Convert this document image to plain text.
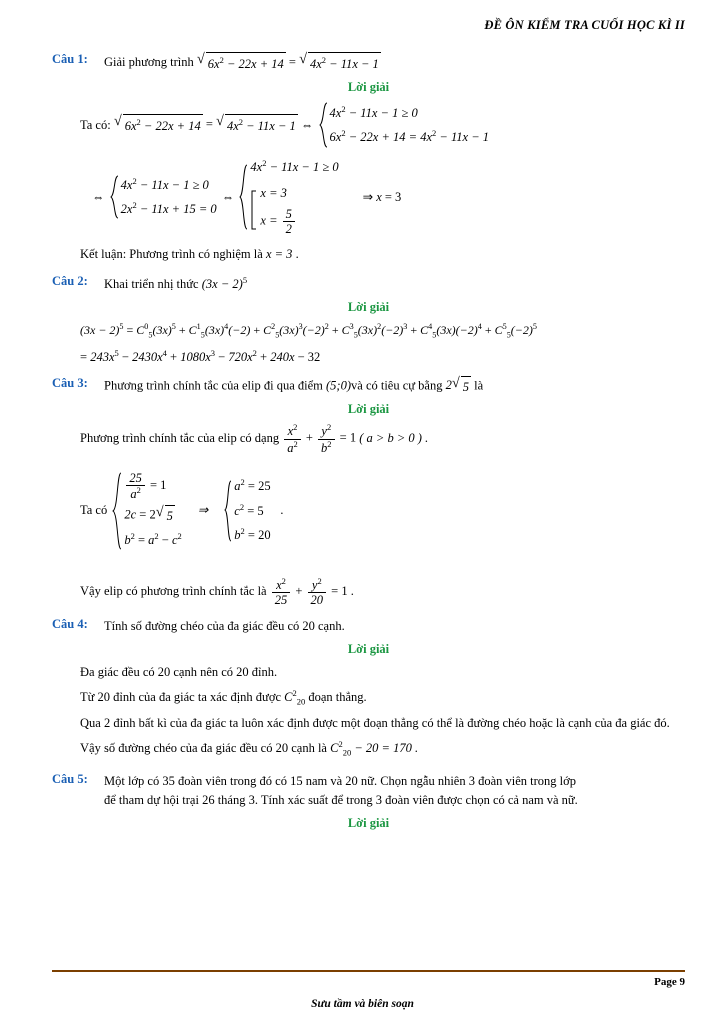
ĐỀ ÔN KIỂM TRA CUỐI HỌC KÌ II
Câu 1:	Giải phương trình √ $6x^2 - 22x + 14$ = √ $4x^2 - 11x - 1$
Lời giải
Ta có:
√ $6x^2 - 22x + 14$ = √ $4x^2 - 11x - 1$ ⇔
$4x^2 - 11x - 1 \ge 0$
$6x^2 - 22x + 14 = 4x^2 - 11x - 1$
⇔
$4x^2 - 11x - 1 \ge 0$
$2x^2 - 11x + 15 = 0$
⇔
$4x^2 - 11x - 1 \ge 0$
x = 3
$x = \frac{5}{2}$
⇒ x = 3
Kết luận: Phương trình có nghiệm là x = 3 .
Câu 2:	Khai triển nhị thức $(3x - 2)^5$
Lời giải
$(3x - 2)^5 = C^0_5(3x)^5 + C^1_5(3x)^4(-2) + C^2_5(3x)^3(-2)^2 + C^3_5(3x)^2(-2)^3 + C^4_5(3x)(-2)^4 + C^5_5(-2)^5$
= $243x^5 - 2430x^4 + 1080x^3 - 720x^2 + 240x - 32$
Câu 3:	Phương trình chính tắc của elip đi qua điểm (5;0)và có tiêu cự bằng 2 √ 5 là
Lời giải
Phương trình chính tắc của elip có dạng
$\frac{x^2}{a^2} + \frac{y^2}{b^2} = 1$
( a > b > 0 ) .
Ta có

$\frac{25}{a^2} = 1$
2c = 2 √ 5
$b^2 = a^2 - c^2$
⇒
$a^2 = 25$
$c^2 = 5$
$b^2 = 20$
.
Vậy elip có phương trình chính tắc là
$\frac{x^2}{25} + \frac{y^2}{20} = 1$ .
Câu 4:	Tính số đường chéo của đa giác đều có 20 cạnh.
Lời giải
Đa giác đều có 20 cạnh nên có 20 đỉnh.
Từ 20 đỉnh của đa giác ta xác định được $C^2_{20}$ đoạn thẳng.
Qua 2 đỉnh bất kì của đa giác ta luôn xác định được một đoạn thẳng có thể là đường chéo hoặc là cạnh của đa giác đó.
Vậy số đường chéo của đa giác đều có 20 cạnh là $C^2_{20} - 20 = 170$ .
Câu 5:	Một lớp có 35 đoàn viên trong đó có 15 nam và 20 nữ. Chọn ngẫu nhiên 3 đoàn viên trong lớp
để tham dự hội trại 26 tháng 3. Tính xác suất để trong 3 đoàn viên được chọn có cả nam và nữ.
Lời giải
Page 9
Sưu tầm và biên soạn
